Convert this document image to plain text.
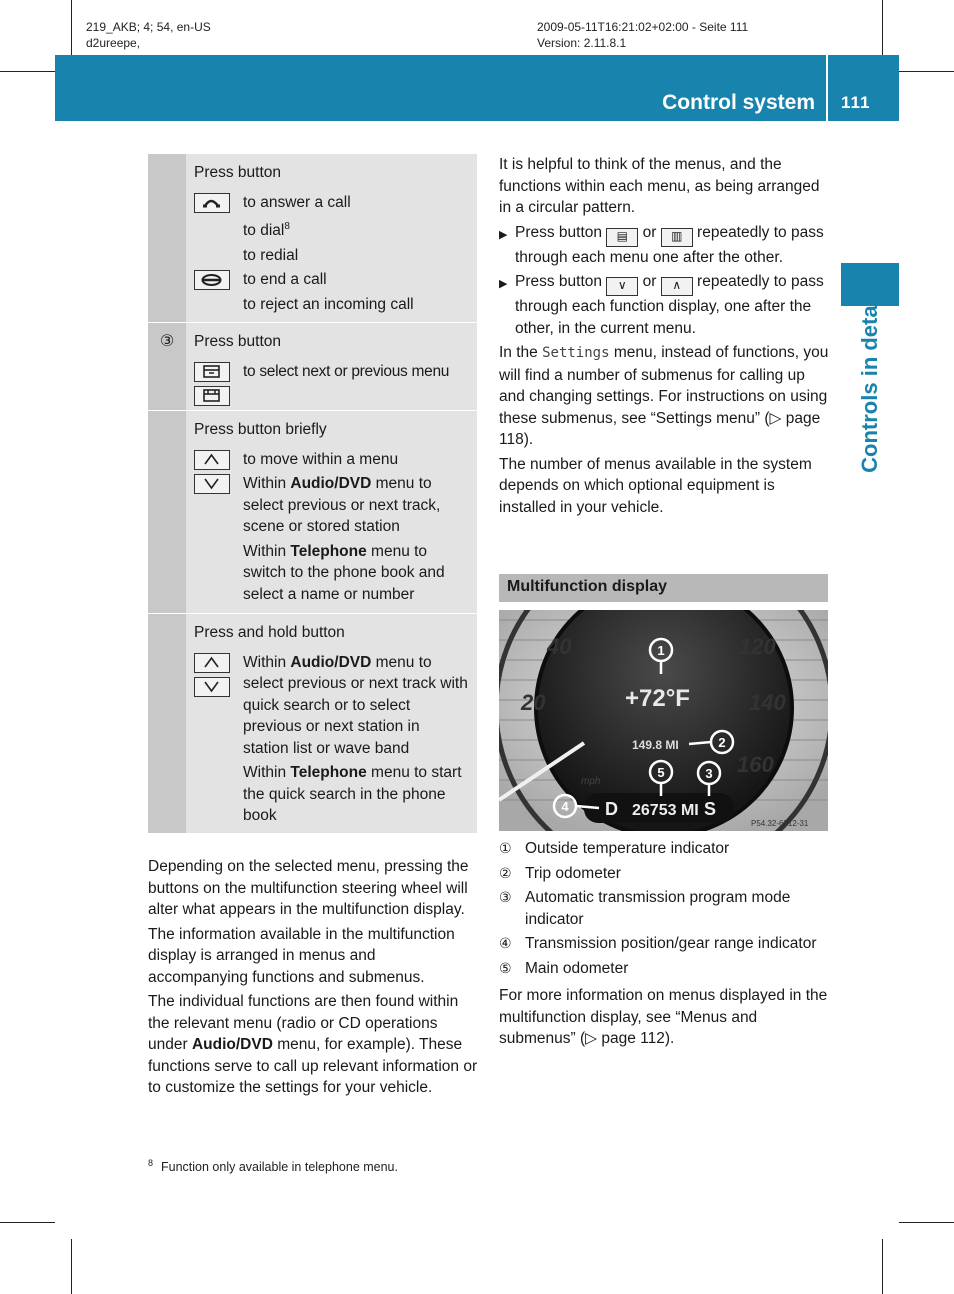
219_AKB; 4; 54, en-US
d2ureepe,
2009-05-11T16:21:02+02:00 - Seite 111
Version: 2.11.8.1
Control system 111
Controls in detail
Press button

to answer a call

to dial$^8$

to redial

to end a call

to reject an incoming call

③	Press button

to select next or previous menu

Press button briefly

to move within a menu

Within Audio/DVD menu to select previous or next track, scene or stored station

Within Telephone menu to switch to the phone book and select a name or number

Press and hold button

Within Audio/DVD menu to select previous or next track with quick search or to select previous or next station in station list or wave band

Within Telephone menu to start the quick search in the phone book

Depending on the selected menu, pressing the buttons on the multifunction steering wheel will alter what appears in the multifunction display.

The information available in the multifunction display is arranged in menus and accompanying functions and submenus.

The individual functions are then found within the relevant menu (radio or CD operations under Audio/DVD menu, for example). These functions serve to call up relevant information or to customize the settings for your vehicle.

It is helpful to think of the menus, and the functions within each menu, as being arranged in a circular pattern.

▶ Press button ▤ or ▥ repeatedly to pass through each menu one after the other.
▶ Press button ∨ or ∧ repeatedly to pass through each function display, one after the other, in the current menu.

In the Settings menu, instead of functions, you will find a number of submenus for calling up and changing settings. For instructions on using these submenus, see “Settings menu” (▷ page 118).

The number of menus available in the system depends on which optional equipment is installed in your vehicle.

Multifunction display
40
20
120
140
160
mph
+72°F
149.8 MI
D 26753 MI S
P54.32-6712-31
1
2
3
4
5
① Outside temperature indicator
② Trip odometer
③ Automatic transmission program mode indicator
④ Transmission position/gear range indicator
⑤ Main odometer

For more information on menus displayed in the multifunction display, see “Menus and submenus” (▷ page 112).

$^8$ Function only available in telephone menu.
